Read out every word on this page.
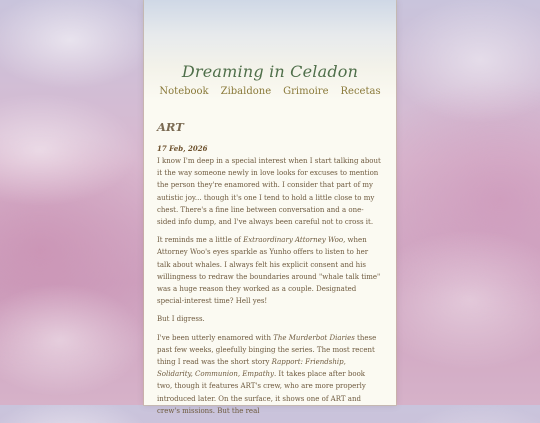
Dreaming in Celadon
Notebook Zibaldone Grimoire Recetas
ART
17 Feb, 2026

I know I'm deep in a special interest when I start talking about it the way someone newly in love looks for excuses to mention the person they're enamored with. I consider that part of my autistic joy... though it's one I tend to hold a little close to my chest. There's a fine line between conversation and a one-sided info dump, and I've always been careful not to cross it.

It reminds me a little of Extraordinary Attorney Woo, when Attorney Woo's eyes sparkle as Yunho offers to listen to her talk about whales. I always felt his explicit consent and his willingness to redraw the boundaries around "whale talk time" was a huge reason they worked as a couple. Designated special-interest time? Hell yes!

But I digress.

I've been utterly enamored with The Murderbot Diaries these past few weeks, gleefully binging the series. The most recent thing I read was the short story Rapport: Friendship, Solidarity, Communion, Empathy. It takes place after book two, though it features ART's crew, who are more properly introduced later. On the surface, it shows one of ART and crew's missions. But the real
